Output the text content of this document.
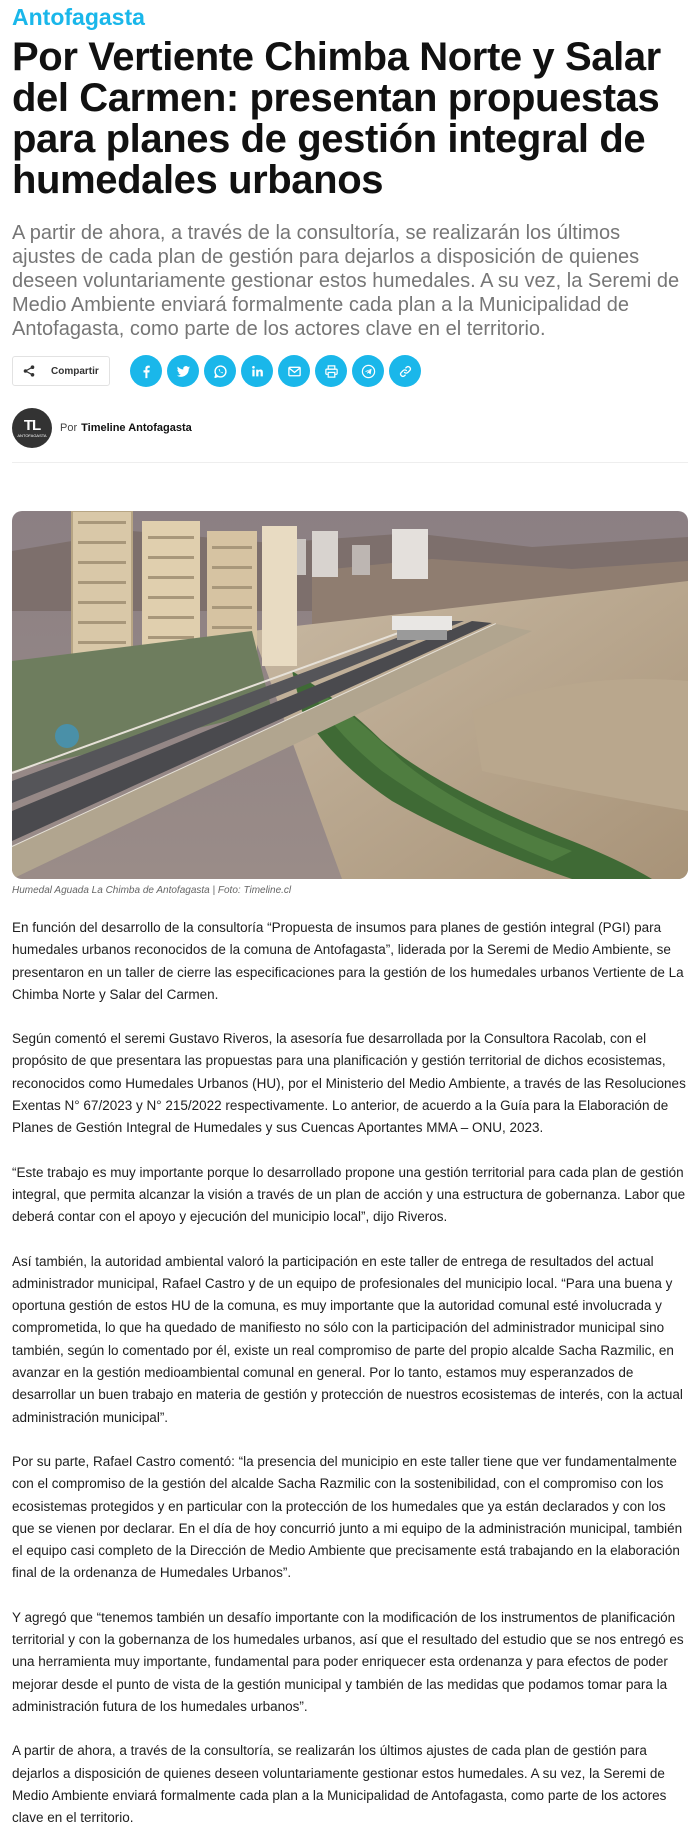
Antofagasta
Por Vertiente Chimba Norte y Salar del Carmen: presentan propuestas para planes de gestión integral de humedales urbanos

A partir de ahora, a través de la consultoría, se realizarán los últimos ajustes de cada plan de gestión para dejarlos a disposición de quienes deseen voluntariamente gestionar estos humedales. A su vez, la Seremi de Medio Ambiente enviará formalmente cada plan a la Municipalidad de Antofagasta, como parte de los actores clave en el territorio.

Compartir
TL
ANTOFAGASTA
Por Timeline Antofagasta
Humedal Aguada La Chimba de Antofagasta | Foto: Timeline.cl

En función del desarrollo de la consultoría “Propuesta de insumos para planes de gestión integral (PGI) para humedales urbanos reconocidos de la comuna de Antofagasta”, liderada por la Seremi de Medio Ambiente, se presentaron en un taller de cierre las especificaciones para la gestión de los humedales urbanos Vertiente de La Chimba Norte y Salar del Carmen.

Según comentó el seremi Gustavo Riveros, la asesoría fue desarrollada por la Consultora Racolab, con el propósito de que presentara las propuestas para una planificación y gestión territorial de dichos ecosistemas, reconocidos como Humedales Urbanos (HU), por el Ministerio del Medio Ambiente, a través de las Resoluciones Exentas N° 67/2023 y N° 215/2022 respectivamente. Lo anterior, de acuerdo a la Guía para la Elaboración de Planes de Gestión Integral de Humedales y sus Cuencas Aportantes MMA – ONU, 2023.

“Este trabajo es muy importante porque lo desarrollado propone una gestión territorial para cada plan de gestión integral, que permita alcanzar la visión a través de un plan de acción y una estructura de gobernanza. Labor que deberá contar con el apoyo y ejecución del municipio local”, dijo Riveros.

Así también, la autoridad ambiental valoró la participación en este taller de entrega de resultados del actual administrador municipal, Rafael Castro y de un equipo de profesionales del municipio local. “Para una buena y oportuna gestión de estos HU de la comuna, es muy importante que la autoridad comunal esté involucrada y comprometida, lo que ha quedado de manifiesto no sólo con la participación del administrador municipal sino también, según lo comentado por él, existe un real compromiso de parte del propio alcalde Sacha Razmilic, en avanzar en la gestión medioambiental comunal en general. Por lo tanto, estamos muy esperanzados de desarrollar un buen trabajo en materia de gestión y protección de nuestros ecosistemas de interés, con la actual administración municipal”.

Por su parte, Rafael Castro comentó: “la presencia del municipio en este taller tiene que ver fundamentalmente con el compromiso de la gestión del alcalde Sacha Razmilic con la sostenibilidad, con el compromiso con los ecosistemas protegidos y en particular con la protección de los humedales que ya están declarados y con los que se vienen por declarar. En el día de hoy concurrió junto a mi equipo de la administración municipal, también el equipo casi completo de la Dirección de Medio Ambiente que precisamente está trabajando en la elaboración final de la ordenanza de Humedales Urbanos”.

Y agregó que “tenemos también un desafío importante con la modificación de los instrumentos de planificación territorial y con la gobernanza de los humedales urbanos, así que el resultado del estudio que se nos entregó es una herramienta muy importante, fundamental para poder enriquecer esta ordenanza y para efectos de poder mejorar desde el punto de vista de la gestión municipal y también de las medidas que podamos tomar para la administración futura de los humedales urbanos”.

A partir de ahora, a través de la consultoría, se realizarán los últimos ajustes de cada plan de gestión para dejarlos a disposición de quienes deseen voluntariamente gestionar estos humedales. A su vez, la Seremi de Medio Ambiente enviará formalmente cada plan a la Municipalidad de Antofagasta, como parte de los actores clave en el territorio.
